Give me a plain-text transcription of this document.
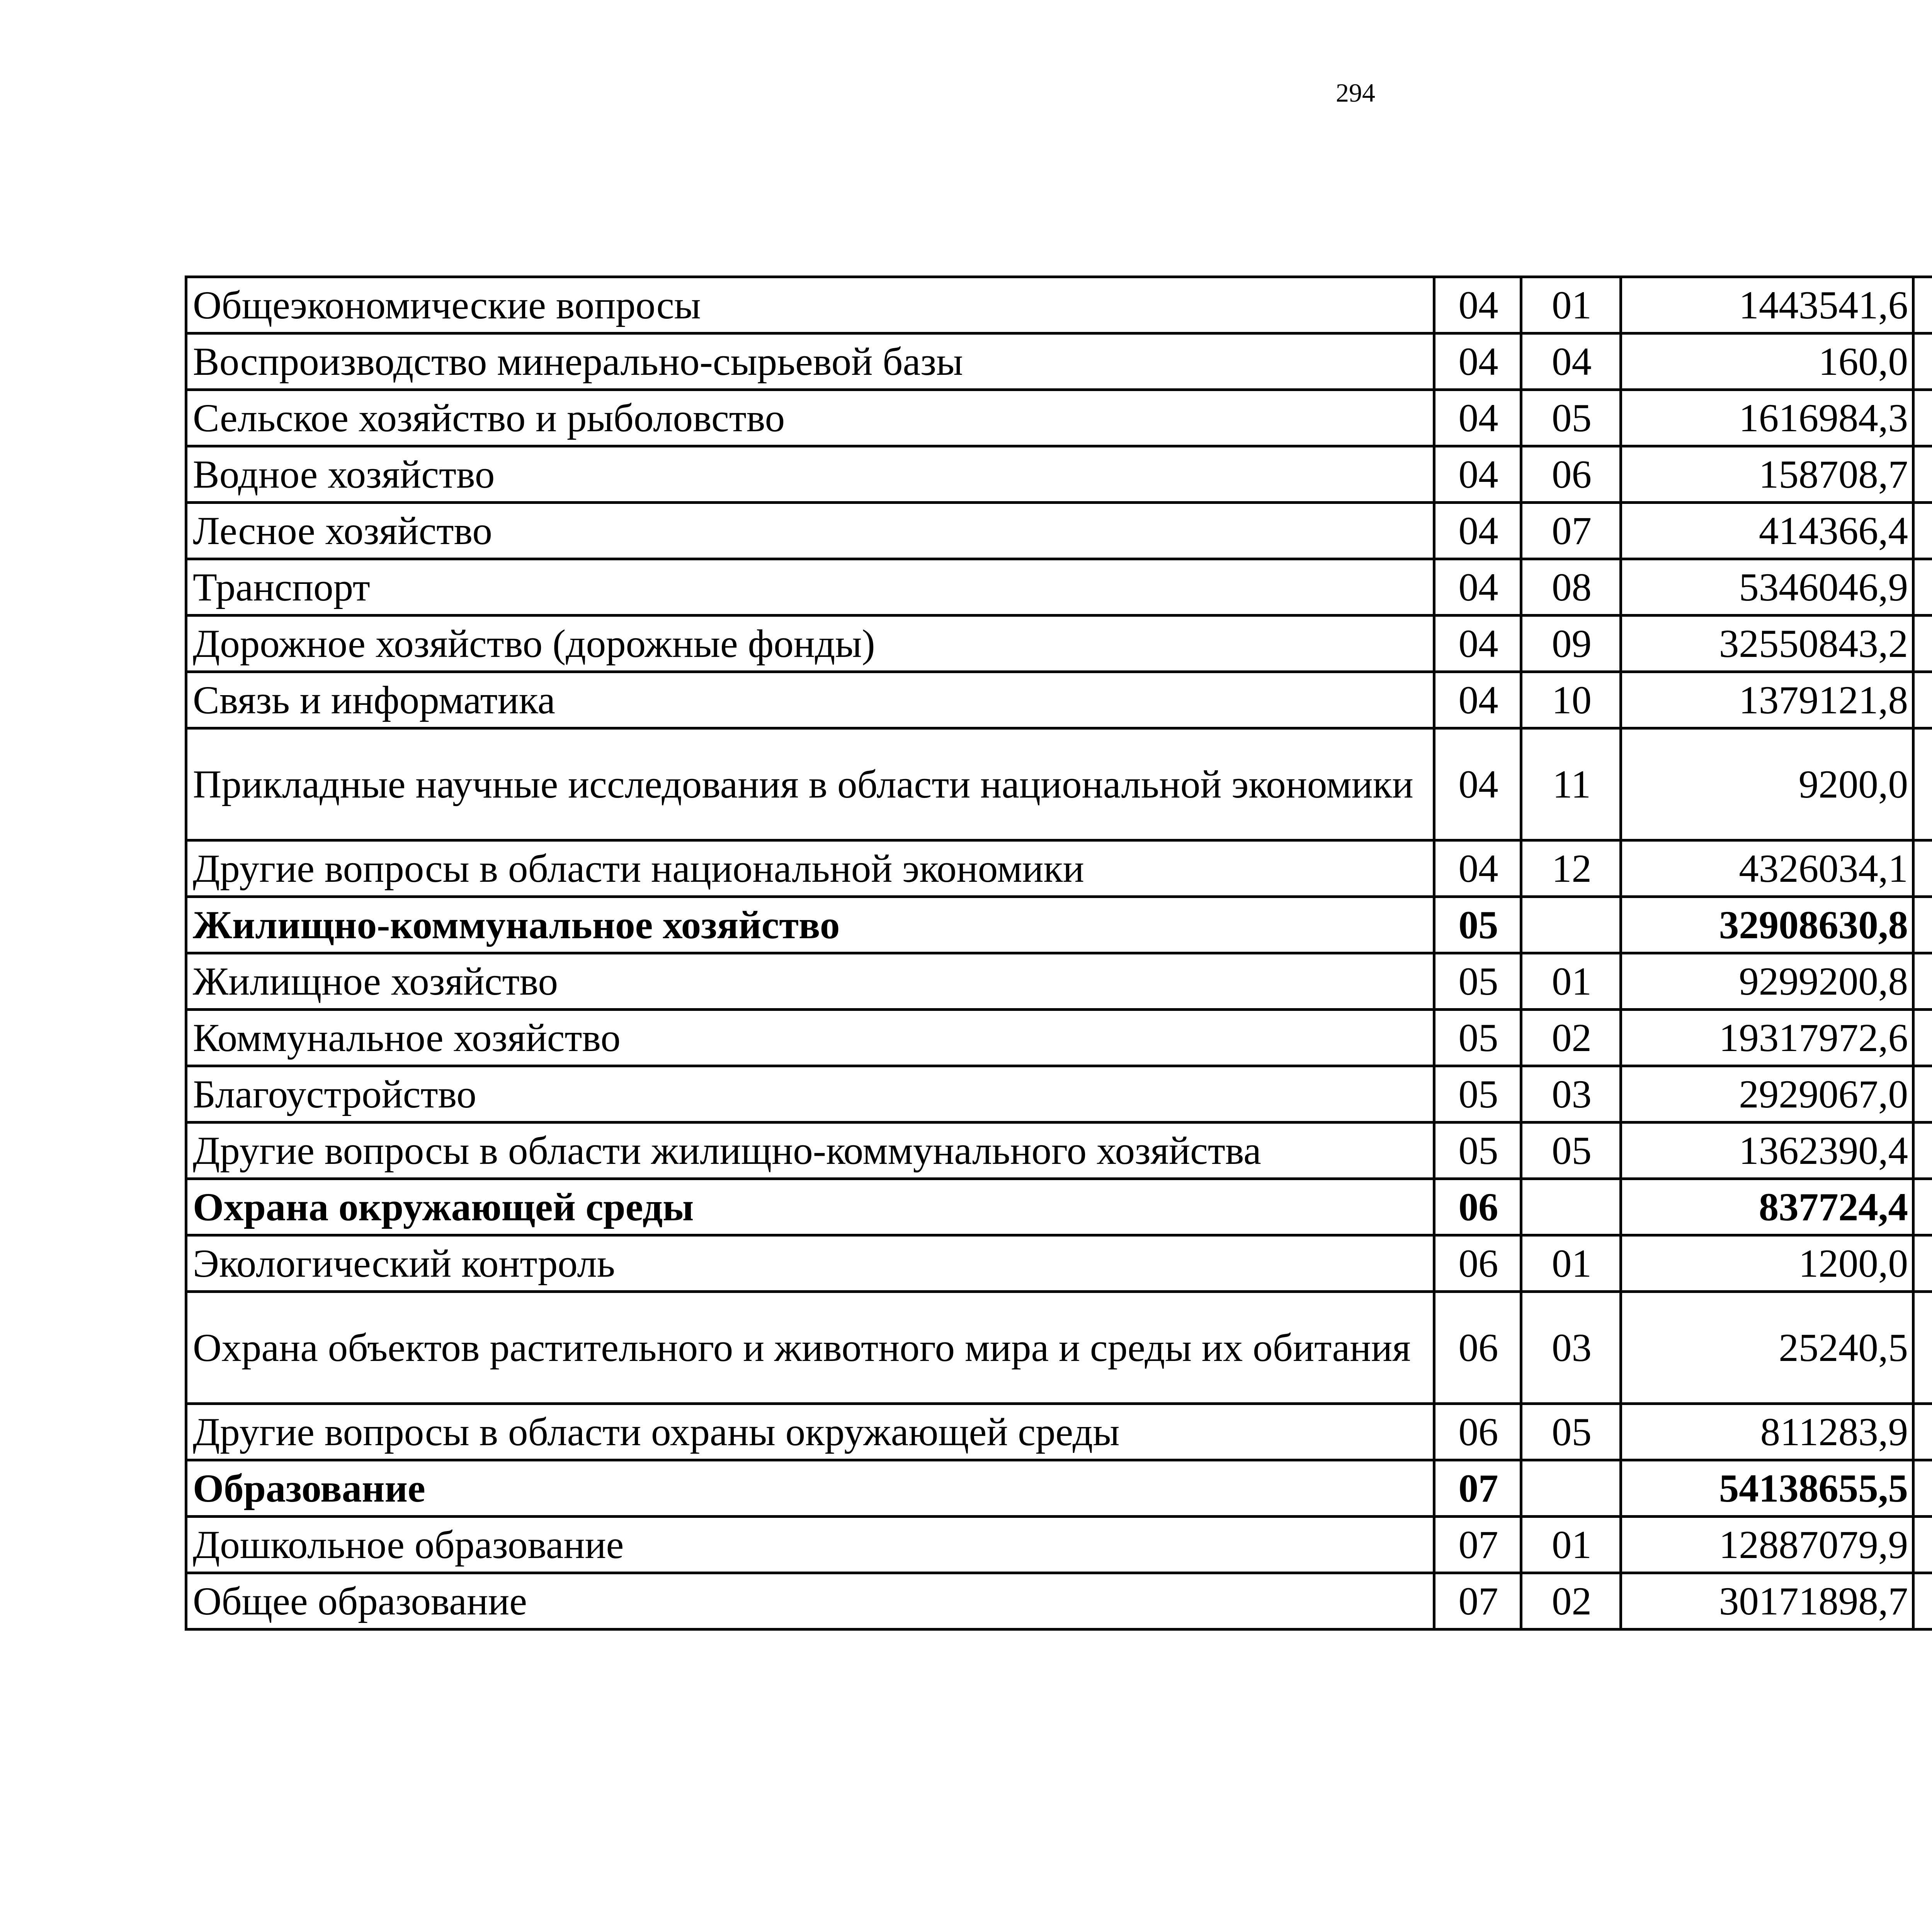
294
Общеэкономические вопросы	04	01	1443541,6		
Воспроизводство минерально-сырьевой базы	04	04	160,0		
Сельское хозяйство и рыболовство	04	05	1616984,3		
Водное хозяйство	04	06	158708,7		
Лесное хозяйство	04	07	414366,4		
Транспорт	04	08	5346046,9		
Дорожное хозяйство (дорожные фонды)	04	09	32550843,2		
Связь и информатика	04	10	1379121,8		
Прикладные научные исследования в области национальной экономики	04	11	9200,0		
Другие вопросы в области национальной экономики	04	12	4326034,1		
Жилищно-коммунальное хозяйство	05		32908630,8		
Жилищное хозяйство	05	01	9299200,8		
Коммунальное хозяйство	05	02	19317972,6		
Благоустройство	05	03	2929067,0		
Другие вопросы в области жилищно-коммунального хозяйства	05	05	1362390,4		
Охрана окружающей среды	06		837724,4		
Экологический контроль	06	01	1200,0		
Охрана объектов растительного и животного мира и среды их обитания	06	03	25240,5		
Другие вопросы в области охраны окружающей среды	06	05	811283,9		
Образование	07		54138655,5		
Дошкольное образование	07	01	12887079,9		
Общее образование	07	02	30171898,7		
